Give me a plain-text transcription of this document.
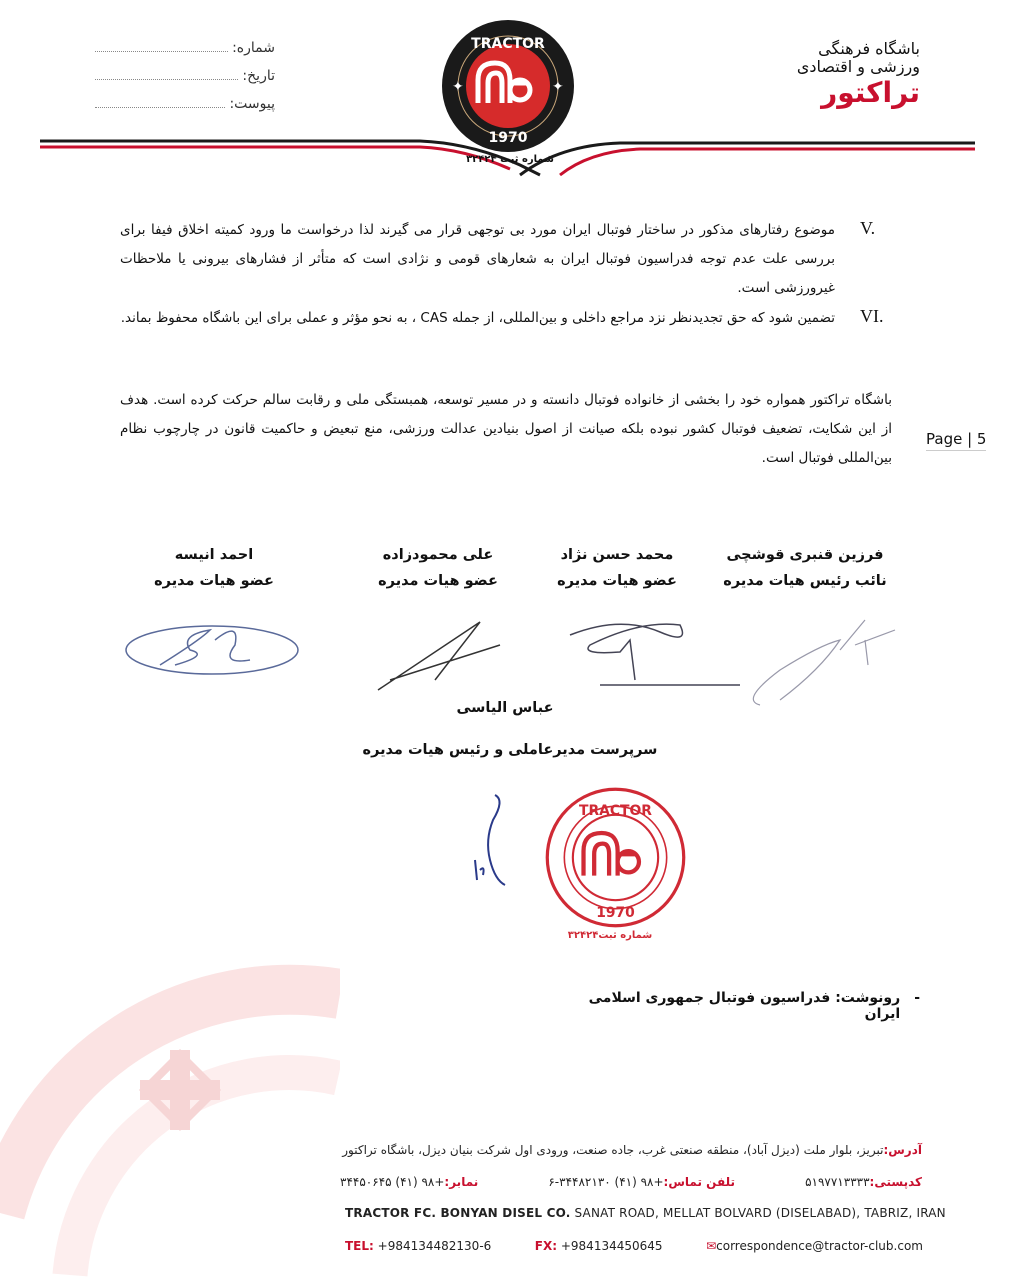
شماره:
تاریخ:
پیوست:
TRACTOR
1970
✦	✦
شماره ثبت ۳۲۴۲۴
باشگاه فرهنگی
ورزشی و اقتصادی
تراکتور
V.
موضوع رفتارهای مذکور در ساختار فوتبال ایران مورد بی توجهی قرار می گیرند لذا درخواست ما ورود کمیته اخلاق فیفا برای بررسی علت عدم توجه فدراسیون فوتبال ایران به شعارهای قومی و نژادی است که متأثر از فشارهای بیرونی یا ملاحظات غیرورزشی است.
VI.
تضمین شود که حق تجدیدنظر نزد مراجع داخلی و بین‌المللی، از جمله CAS ، به نحو مؤثر و عملی برای این باشگاه محفوظ بماند.
باشگاه تراکتور همواره خود را بخشی از خانواده فوتبال دانسته و در مسیر توسعه، همبستگی ملی و رقابت سالم حرکت کرده است. هدف از این شکایت، تضعیف فوتبال کشور نبوده بلکه صیانت از اصول بنیادین عدالت ورزشی، منع تبعیض و حاکمیت قانون در چارچوب نظام بین‌المللی فوتبال است.
Page | 5
فرزین قنبری قوشچی
نائب رئیس هیات مدیره
محمد حسن نژاد
عضو هیات مدیره
علی محمودزاده
عضو هیات مدیره
احمد انیسه
عضو هیات مدیره
عباس الیاسی
سرپرست مدیرعاملی و رئیس هیات مدیره
TRACTOR
1970
شماره ثبت۳۲۴۲۴
-
رونوشت: فدراسیون فوتبال جمهوری اسلامی ایران
آدرس:تبریز، بلوار ملت (دیزل آباد)، منطقه صنعتی غرب، جاده صنعت، ورودی اول شرکت بنیان دیزل، باشگاه تراکتور
کدپستی:۵۱۹۷۷۱۳۳۳۳
تلفن تماس:+۹۸ (۴۱) ۳۴۴۸۲۱۳۰-۶
نمابر:+۹۸ (۴۱) ۳۴۴۵۰۶۴۵
TRACTOR FC. BONYAN DISEL CO. SANAT ROAD, MELLAT BOLVARD (DISELABAD), TABRIZ, IRAN
TEL: +984134482130-6	FX: +984134450645	✉correspondence@tractor-club.com
